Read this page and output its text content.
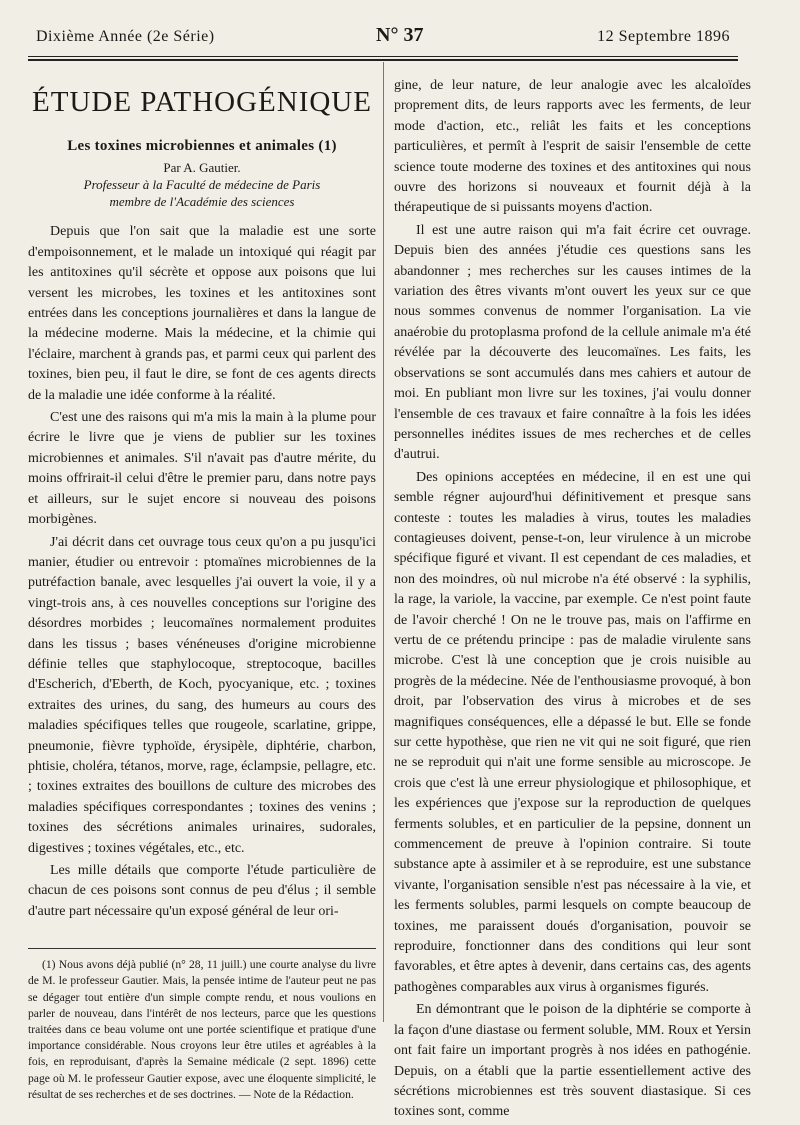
Dixième Année (2e Série)	N° 37	12 Septembre 1896
ÉTUDE PATHOGÉNIQUE
Les toxines microbiennes et animales (1)
Par A. Gautier.
Professeur à la Faculté de médecine de Paris
membre de l'Académie des sciences

Depuis que l'on sait que la maladie est une sorte d'empoisonnement, et le malade un intoxiqué qui réagit par les antitoxines qu'il sécrète et oppose aux poisons que lui versent les microbes, les toxines et les antitoxines sont entrées dans les conceptions journalières et dans la langue de la médecine moderne. Mais la médecine, et la chimie qui l'éclaire, marchent à grands pas, et parmi ceux qui parlent des toxines, bien peu, il faut le dire, se font de ces agents directs de la maladie une idée conforme à la réalité.

C'est une des raisons qui m'a mis la main à la plume pour écrire le livre que je viens de publier sur les toxines microbiennes et animales. S'il n'avait pas d'autre mérite, du moins offrirait-il celui d'être le premier paru, dans notre pays et ailleurs, sur le sujet encore si nouveau des poisons morbigènes.

J'ai décrit dans cet ouvrage tous ceux qu'on a pu jusqu'ici manier, étudier ou entrevoir : ptomaïnes microbiennes de la putréfaction banale, avec lesquelles j'ai ouvert la voie, il y a vingt-trois ans, à ces nouvelles conceptions sur l'origine des désordres morbides ; leucomaïnes normalement produites dans les tissus ; bases vénéneuses d'origine microbienne définie telles que staphylocoque, streptocoque, bacilles d'Escherich, d'Eberth, de Koch, pyocyanique, etc. ; toxines extraites des urines, du sang, des humeurs au cours des maladies spécifiques telles que rougeole, scarlatine, grippe, pneumonie, fièvre typhoïde, érysipèle, diphtérie, charbon, phtisie, choléra, tétanos, morve, rage, éclampsie, pellagre, etc. ; toxines extraites des bouillons de culture des microbes des maladies spécifiques correspondantes ; toxines des venins ; toxines des sécrétions animales urinaires, sudorales, digestives ; toxines végétales, etc., etc.

Les mille détails que comporte l'étude particulière de chacun de ces poisons sont connus de peu d'élus ; il semble d'autre part nécessaire qu'un exposé général de leur ori-

(1) Nous avons déjà publié (n° 28, 11 juill.) une courte analyse du livre de M. le professeur Gautier. Mais, la pensée intime de l'auteur peut ne pas se dégager tout entière d'un simple compte rendu, et nous voulions en parler de nouveau, dans l'intérêt de nos lecteurs, parce que les questions traitées dans ce beau volume ont une portée scientifique et pratique d'une importance considérable. Nous croyons leur être utiles et agréables à la fois, en reproduisant, d'après la Semaine médicale (2 sept. 1896) cette page où M. le professeur Gautier expose, avec une éloquente simplicité, le résultat de ses recherches et de ses doctrines. — Note de la Rédaction.

gine, de leur nature, de leur analogie avec les alcaloïdes proprement dits, de leurs rapports avec les ferments, de leur mode d'action, etc., reliât les faits et les conceptions particulières, et permît à l'esprit de saisir l'ensemble de cette science toute moderne des toxines et des antitoxines qui nous ouvre des horizons si nouveaux et fournit déjà à la thérapeutique de si puissants moyens d'action.

Il est une autre raison qui m'a fait écrire cet ouvrage. Depuis bien des années j'étudie ces questions sans les abandonner ; mes recherches sur les causes intimes de la variation des êtres vivants m'ont ouvert les yeux sur ce que nous sommes convenus de nommer l'organisation. La vie anaérobie du protoplasma profond de la cellule animale m'a été révélée par la découverte des leucomaïnes. Les faits, les observations se sont accumulés dans mes cahiers et autour de moi. En publiant mon livre sur les toxines, j'ai voulu donner l'ensemble de ces travaux et faire connaître à la fois les idées personnelles inédites issues de mes recherches et de celles d'autrui.

Des opinions acceptées en médecine, il en est une qui semble régner aujourd'hui définitivement et presque sans conteste : toutes les maladies à virus, toutes les maladies contagieuses doivent, pense-t-on, leur virulence à un microbe spécifique figuré et vivant. Il est cependant de ces maladies, et non des moindres, où nul microbe n'a été observé : la syphilis, la rage, la variole, la vaccine, par exemple. Ce n'est point faute de l'avoir cherché ! On ne le trouve pas, mais on l'affirme en vertu de ce prétendu principe : pas de maladie virulente sans microbe. C'est là une conception que je crois nuisible au progrès de la médecine. Née de l'enthousiasme provoqué, à bon droit, par l'observation des virus à microbes et de ses magnifiques conséquences, elle a dépassé le but. Elle se fonde sur cette hypothèse, que rien ne vit qui ne soit figuré, que rien ne se reproduit qui n'ait une forme sensible au microscope. Je crois que c'est là une erreur physiologique et philosophique, et les expériences que j'expose sur la reproduction de quelques ferments solubles, et en particulier de la pepsine, donnent un commencement de preuve à l'opinion contraire. Si toute substance apte à assimiler et à se reproduire, est une substance vivante, l'organisation sensible n'est pas nécessaire à la vie, et les ferments solubles, parmi lesquels on compte beaucoup de toxines, me paraissent doués d'organisation, pouvoir se reproduire, fonctionner dans des conditions qui leur sont favorables, et être aptes à devenir, dans certains cas, des agents pathogènes comparables aux virus à organismes figurés.

En démontrant que le poison de la diphtérie se comporte à la façon d'une diastase ou ferment soluble, MM. Roux et Yersin ont fait faire un important progrès à nos idées en pathogénie. Depuis, on a établi que la partie essentiellement active des sécrétions microbiennes est très souvent diastasique. Si ces toxines sont, comme
